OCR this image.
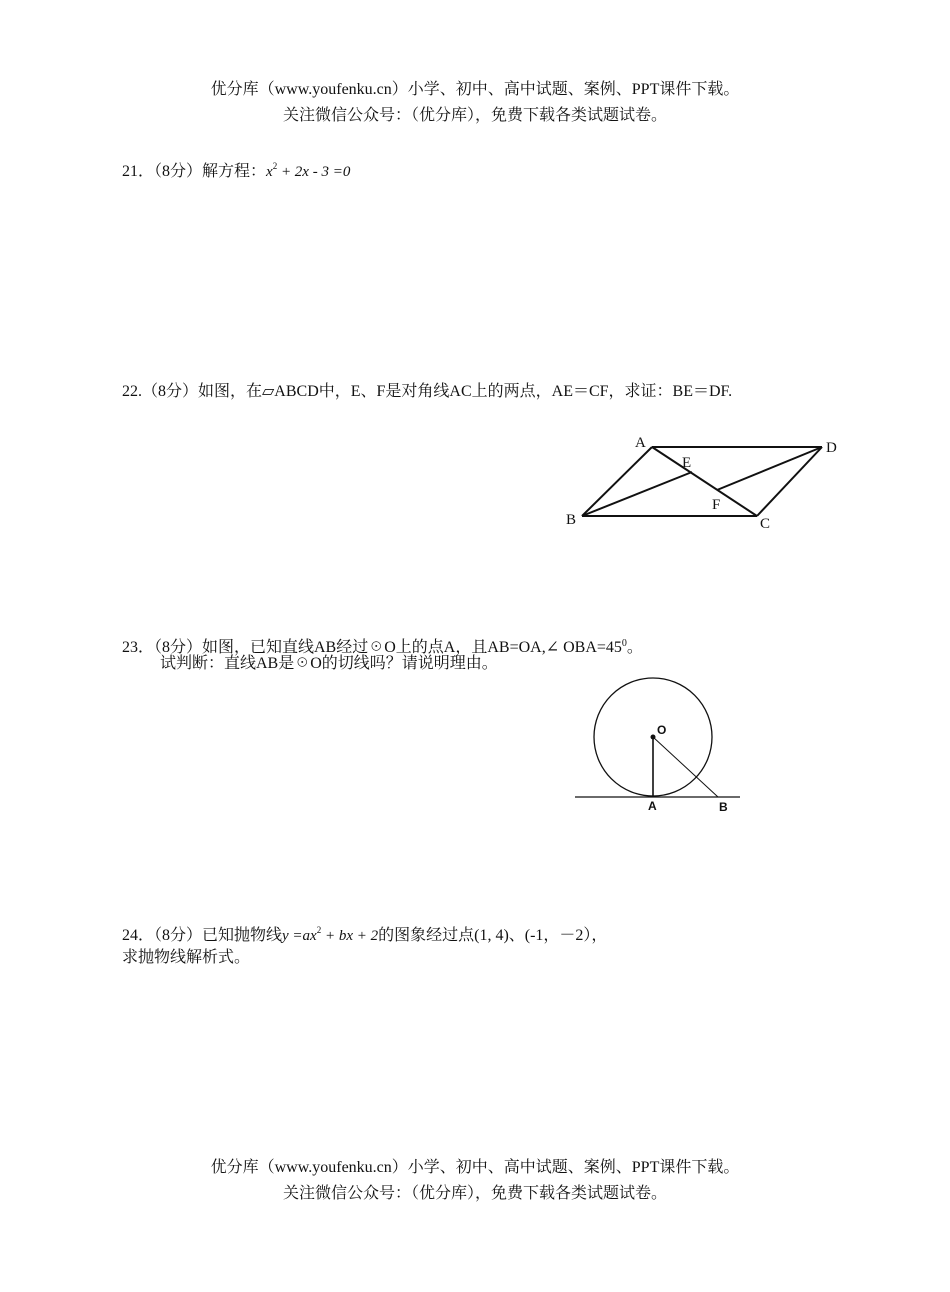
优分库（www.youfenku.cn）小学、初中、高中试题、案例、PPT课件下载。
关注微信公众号：（优分库），免费下载各类试题试卷。
21．（8分）解方程：$x^2 + 2x - 3 =0$
22.（8分）如图，在▱ABCD中，E、F是对角线AC上的两点，AE＝CF，求证：BE＝DF.
A
B	C
D
E
F
23．（8分）如图，已知直线AB经过☉O上的点A，且AB=OA,∠ $OBA=45^0$。
试判断：直线AB是☉O的切线吗？请说明理由。
O
A	B
24．（8分）已知抛物线$y =ax^2$ + bx + 2的图象经过点(1, 4)、(-1，－2），
求抛物线解析式。
优分库（www.youfenku.cn）小学、初中、高中试题、案例、PPT课件下载。
关注微信公众号：（优分库），免费下载各类试题试卷。
